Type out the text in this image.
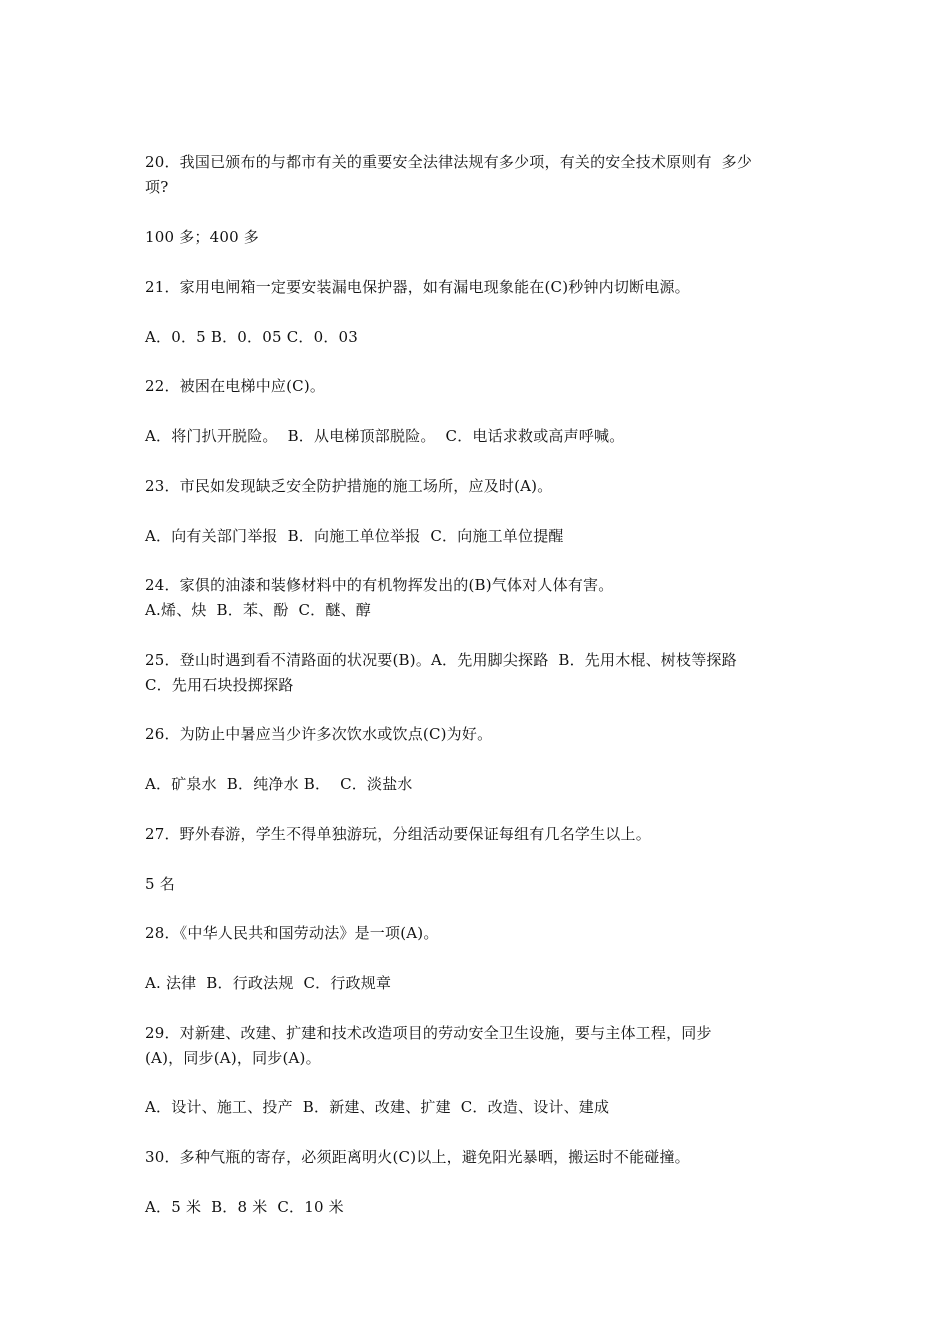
20．我国已颁布的与都市有关的重要安全法律法规有多少项，有关的安全技术原则有  多少
项?
100 多；400 多
21．家用电闸箱一定要安装漏电保护器，如有漏电现象能在(C)秒钟内切断电源。
A．0．5 B．0．05 C．0．03
22．被困在电梯中应(C)。
A．将门扒开脱险。  B．从电梯顶部脱险。  C．电话求救或高声呼喊。
23．市民如发现缺乏安全防护措施的施工场所，应及时(A)。
A．向有关部门举报  B．向施工单位举报  C．向施工单位提醒
24．家俱的油漆和装修材料中的有机物挥发出的(B)气体对人体有害。
A.烯、炔  B．苯、酚  C．醚、醇
25．登山时遇到看不清路面的状况要(B)。A．先用脚尖探路  B．先用木棍、树枝等探路
C．先用石块投掷探路
26．为防止中暑应当少许多次饮水或饮点(C)为好。
A．矿泉水  B．纯净水 B．  C．淡盐水
27．野外春游，学生不得单独游玩，分组活动要保证每组有几名学生以上。
5 名
28．《中华人民共和国劳动法》是一项(A)。
A. 法律  B．行政法规  C．行政规章
29．对新建、改建、扩建和技术改造项目的劳动安全卫生设施，要与主体工程，同步
(A)，同步(A)，同步(A)。
A．设计、施工、投产  B．新建、改建、扩建  C．改造、设计、建成
30．多种气瓶的寄存，必须距离明火(C)以上，避免阳光暴晒，搬运时不能碰撞。
A．5 米  B．8 米  C．10 米
